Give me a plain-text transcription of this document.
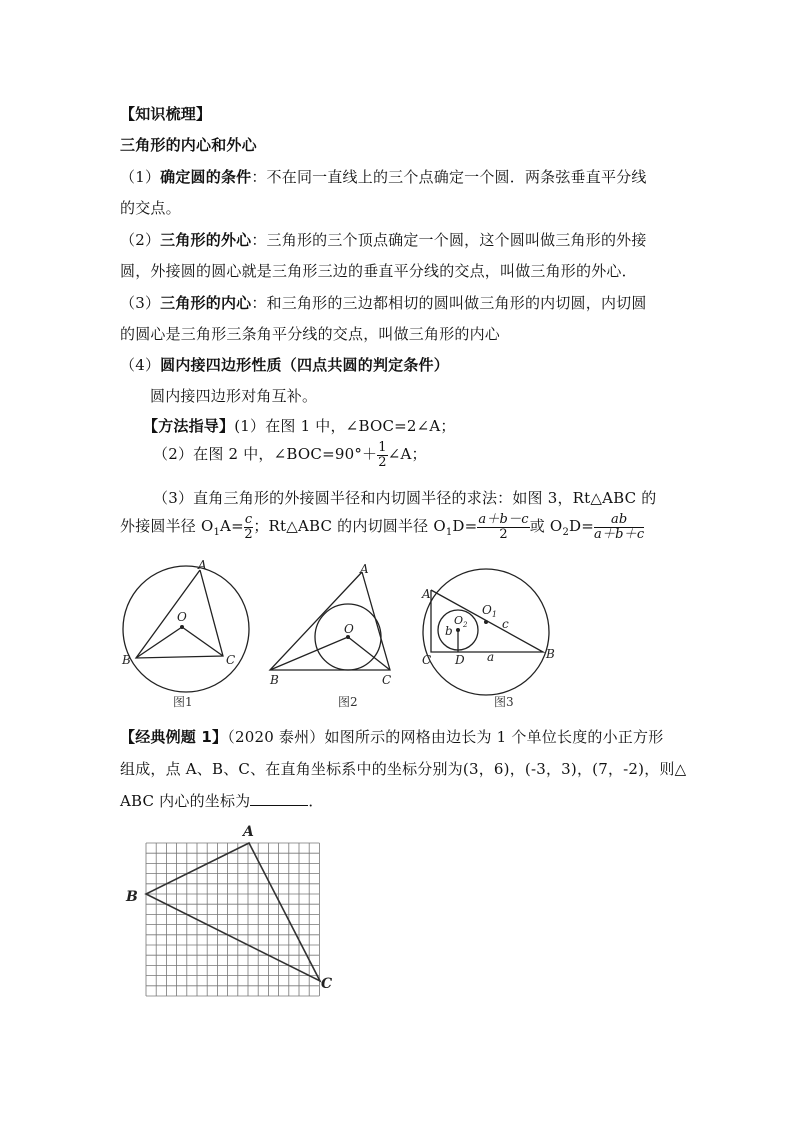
【知识梳理】
三角形的内心和外心
（1）确定圆的条件：不在同一直线上的三个点确定一个圆．两条弦垂直平分线
的交点。
（2）三角形的外心：三角形的三个顶点确定一个圆，这个圆叫做三角形的外接
圆，外接圆的圆心就是三角形三边的垂直平分线的交点，叫做三角形的外心．
（3）三角形的内心：和三角形的三边都相切的圆叫做三角形的内切圆，内切圆
的圆心是三角形三条角平分线的交点，叫做三角形的内心
（4）圆内接四边形性质（四点共圆的判定条件）
圆内接四边形对角互补。
【方法指导】(1）在图 1 中，∠BOC=2∠A；
（2）在图 2 中，∠BOC=90°＋ $\frac{1}{2}$ ∠A；
（3）直角三角形的外接圆半径和内切圆半径的求法：如图 3，Rt△ABC 的
外接圆半径 $O_1A= \frac{c}{2}$ ；Rt△ABC 的内切圆半径 $O_1D= \frac{a+b-c}{2}$ 或 $O_2D= \frac{ab}{a+b+c}$
A
B	C
O
A
B	C
O
A
C	B
D
$O_1$
$O_2$
b
a
c
图1	图2	图3
【经典例题 1】（2020 泰州）如图所示的网格由边长为 1 个单位长度的小正方形
组成，点 A、B、C、在直角坐标系中的坐标分别为(3，6)，(-3，3)，(7，-2)，则△
ABC 内心的坐标为	．
A
B
C
